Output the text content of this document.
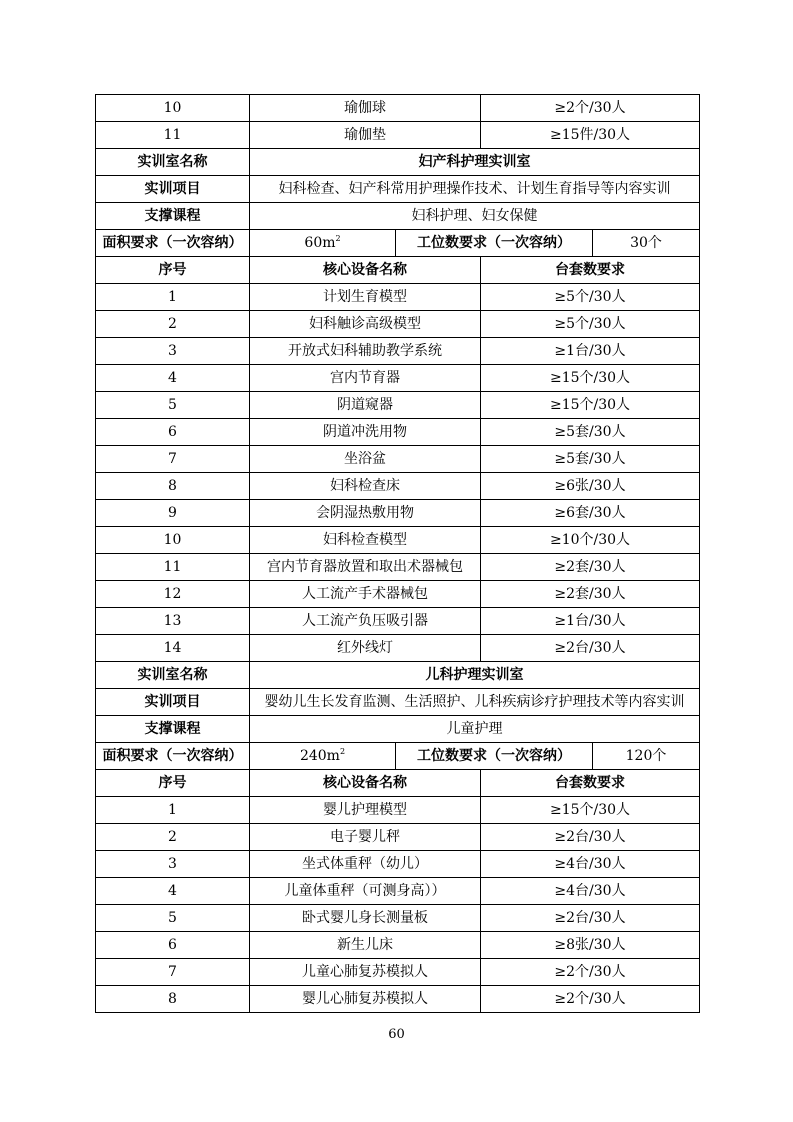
10	瑜伽球		≥2个/30人	
11	瑜伽垫		≥15件/30人	
实训室名称	妇产科护理实训室			
实训项目	妇科检查、妇产科常用护理操作技术、计划生育指导等内容实训			
支撑课程	妇科护理、妇女保健			
面积要求（一次容纳）	$60m^2$	工位数要求（一次容纳）		30个
序号	核心设备名称		台套数要求	
1	计划生育模型		≥5个/30人	
2	妇科触诊高级模型		≥5个/30人	
3	开放式妇科辅助教学系统		≥1台/30人	
4	宫内节育器		≥15个/30人	
5	阴道窥器		≥15个/30人	
6	阴道冲洗用物		≥5套/30人	
7	坐浴盆		≥5套/30人	
8	妇科检查床		≥6张/30人	
9	会阴湿热敷用物		≥6套/30人	
10	妇科检查模型		≥10个/30人	
11	宫内节育器放置和取出术器械包		≥2套/30人	
12	人工流产手术器械包		≥2套/30人	
13	人工流产负压吸引器		≥1台/30人	
14	红外线灯		≥2台/30人	
实训室名称	儿科护理实训室			
实训项目	婴幼儿生长发育监测、生活照护、儿科疾病诊疗护理技术等内容实训			
支撑课程	儿童护理			
面积要求（一次容纳）	$240m^2$	工位数要求（一次容纳）		120个
序号	核心设备名称		台套数要求	
1	婴儿护理模型		≥15个/30人	
2	电子婴儿秤		≥2台/30人	
3	坐式体重秤（幼儿）		≥4台/30人	
4	儿童体重秤（可测身高））		≥4台/30人	
5	卧式婴儿身长测量板		≥2台/30人	
6	新生儿床		≥8张/30人	
7	儿童心肺复苏模拟人		≥2个/30人	
8	婴儿心肺复苏模拟人		≥2个/30人	
60
